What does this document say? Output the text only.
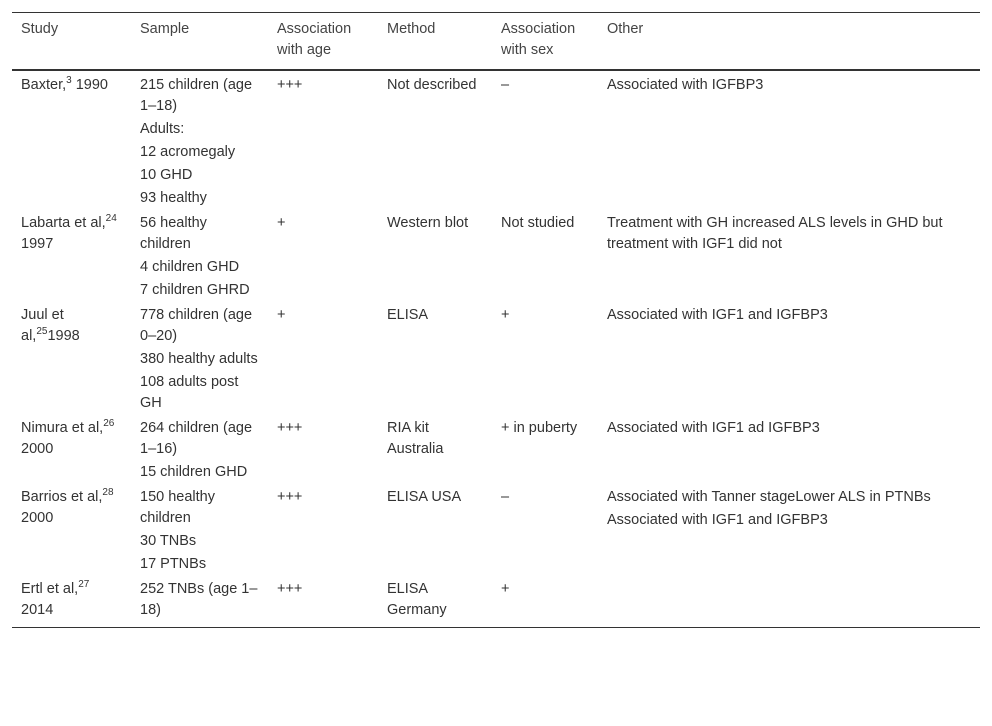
Study	Sample	Association with age	Method	Association with sex	Other
Baxter,$^3$ 1990	215 children (age 1–18)
Adults:
12 acromegaly
10 GHD
93 healthy	+++	Not described	–	Associated with IGFBP3
Labarta et al,$^{24}$ 1997	56 healthy children
4 children GHD
7 children GHRD	+	Western blot	Not studied	Treatment with GH increased ALS levels in GHD but treatment with IGF1 did not
Juul et al,$^{25}$1998	778 children (age 0–20)
380 healthy adults
108 adults post GH	+	ELISA	+	Associated with IGF1 and IGFBP3
Nimura et al,$^{26}$ 2000	264 children (age 1–16)
15 children GHD	+++	RIA kit Australia	+ in puberty	Associated with IGF1 ad IGFBP3
Barrios et al,$^{28}$ 2000	150 healthy children
30 TNBs
17 PTNBs	+++	ELISA USA	–	Associated with Tanner stageLower ALS in PTNBs
Associated with IGF1 and IGFBP3

Ertl et al,$^{27}$ 2014	252 TNBs (age 1–18)	+++	ELISA Germany	+	
